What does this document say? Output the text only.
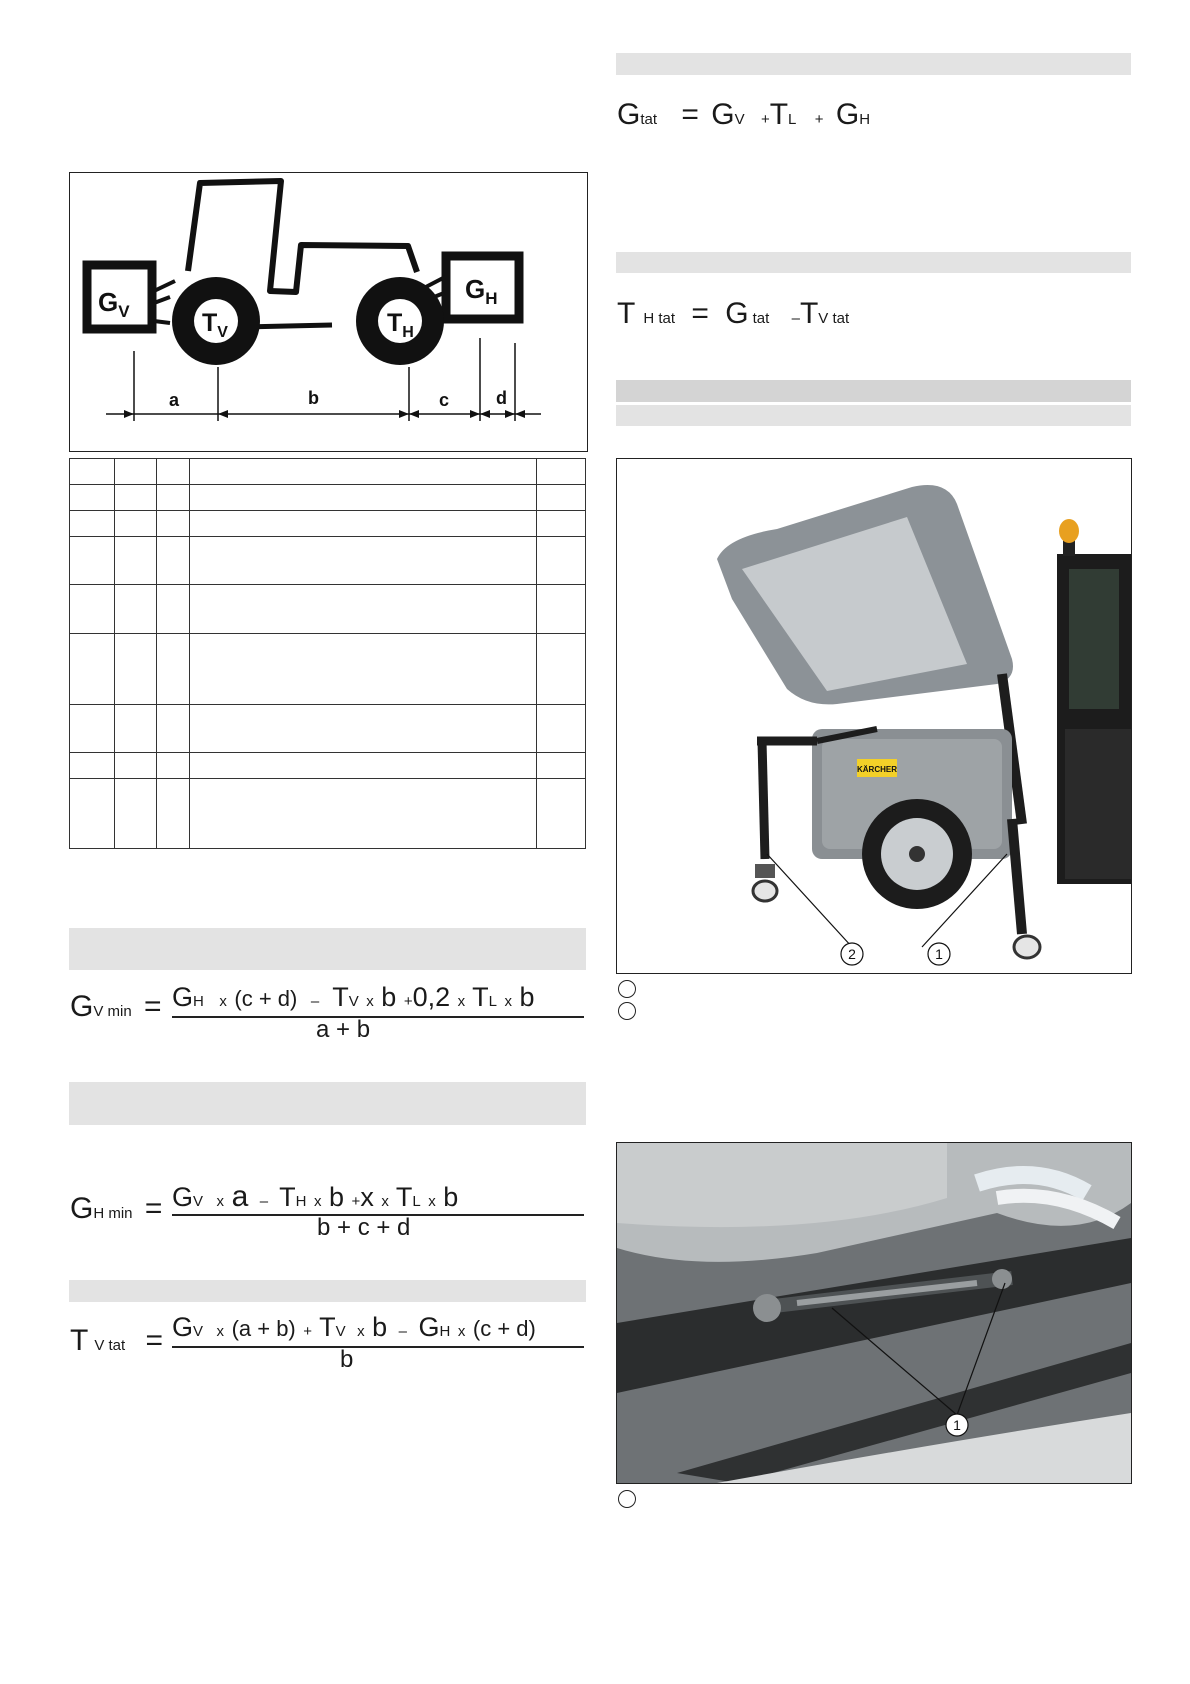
$G_V$
$G_H$
$T_V$	$T_H$
a	b	c	d

GV min = GH x (c + d) – TV x b +0,2 x TL x b
a + b
GH min = GV x a – TH x b +x x TL x b
b + c + d
T V tat = GV x (a + b) + TV x b – GH x (c + d)
b
Gtat = GV +TL + GH
T H tat = G tat –TV tat
KÄRCHER
2	1
1
